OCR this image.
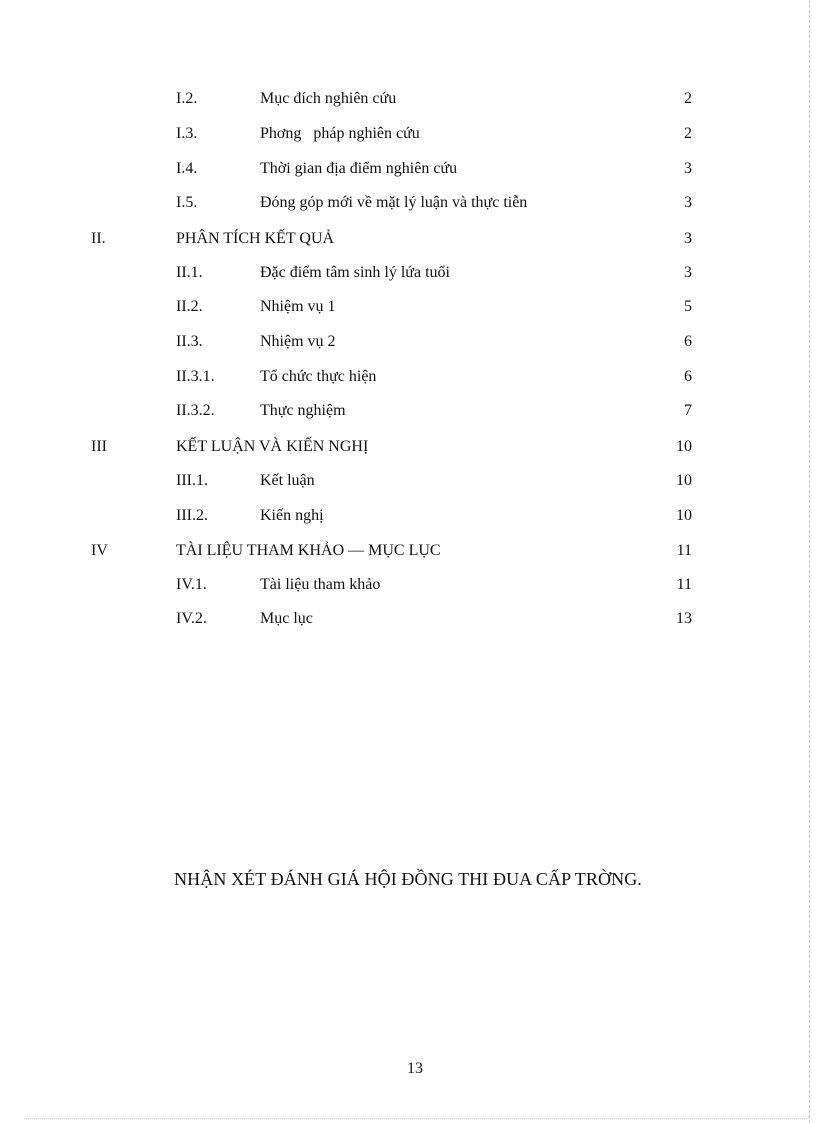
I.2.	Mục đích nghiên cứu	2
I.3.	Phơng   pháp nghiên cứu	2
I.4.	Thời gian địa điểm nghiên cứu	3
I.5.	Đóng góp mới về mặt lý luận và thực tiễn	3
II.	PHÂN TÍCH KẾT QUẢ	3
II.1.	Đặc điểm tâm sinh lý lứa tuổi	3
II.2.	Nhiệm vụ 1	5
II.3.	Nhiệm vụ 2	6
II.3.1.	Tổ chức thực hiện	6
II.3.2.	Thực nghiệm	7
III	KẾT LUẬN VÀ KIẾN NGHỊ	10
III.1.	Kết luận	10
III.2.	Kiến nghị	10
IV	TÀI LIỆU THAM KHẢO — MỤC LỤC	11
IV.1.	Tài liệu tham khảo	11
IV.2.	Mục lục	13
NHẬN XÉT ĐÁNH GIÁ HỘI ĐỒNG THI ĐUA CẤP TRỜNG.
13
